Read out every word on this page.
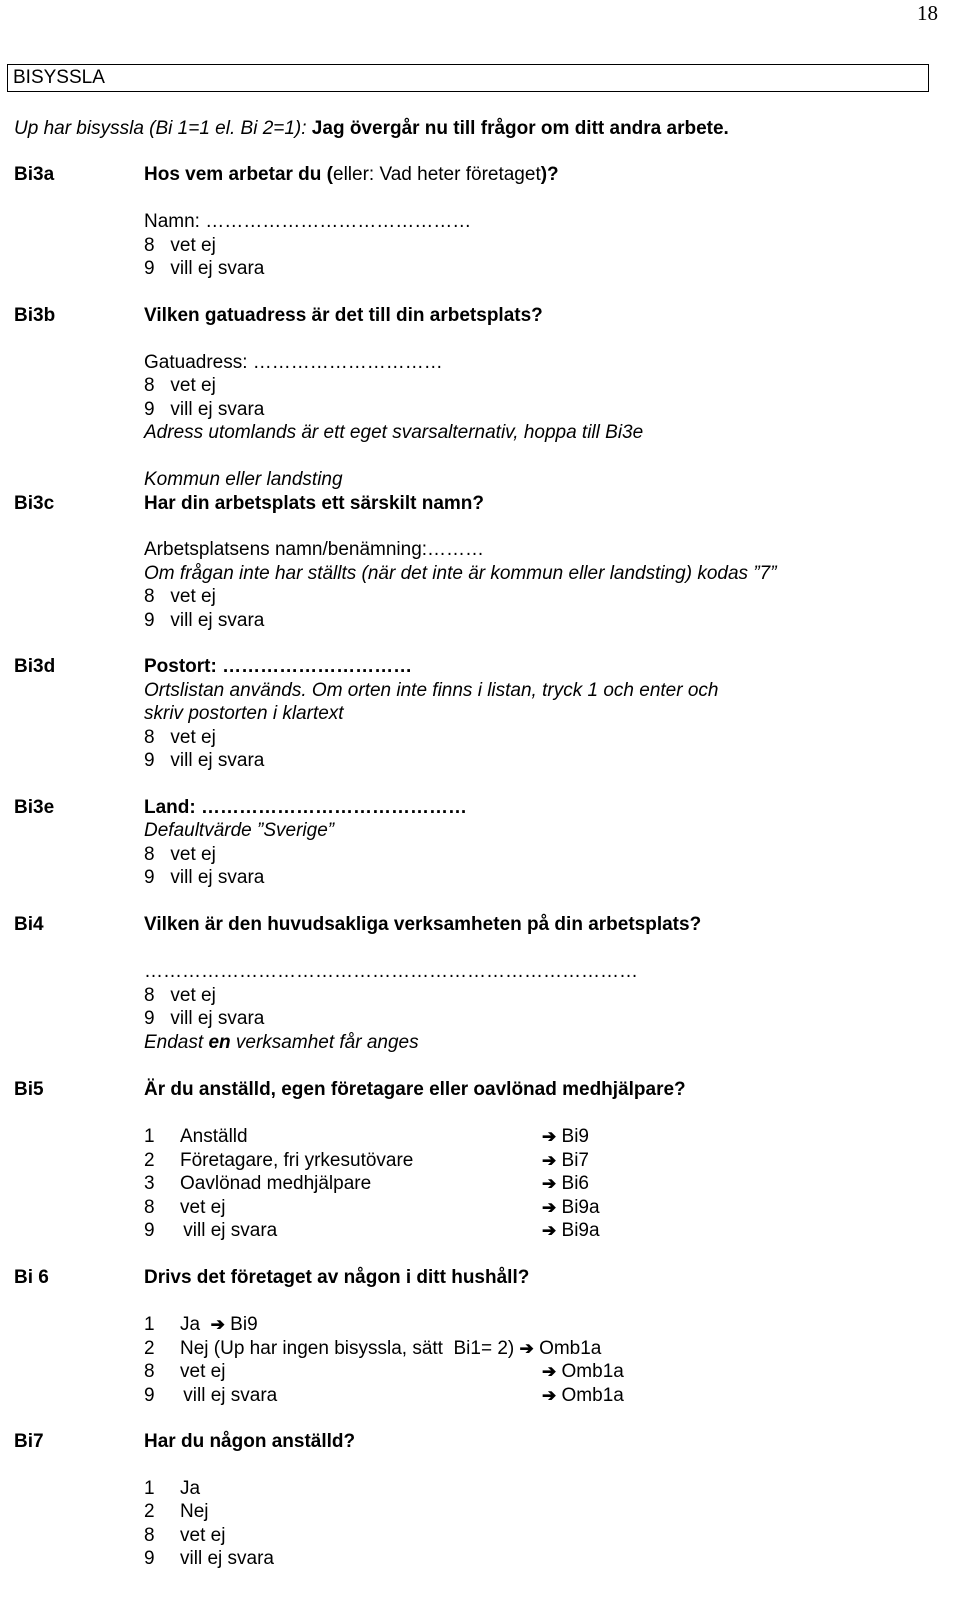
18
BISYSSLA
Up har bisyssla (Bi 1=1 el. Bi 2=1): Jag övergår nu till frågor om ditt andra arbete.
Bi3a	Hos vem arbetar du (eller: Vad heter företaget)?
Namn: ……………………………………
8   vet ej
9   vill ej svara
Bi3b	Vilken gatuadress är det till din arbetsplats?
Gatuadress: …………………………
8   vet ej
9   vill ej svara
Adress utomlands är ett eget svarsalternativ, hoppa till Bi3e
Kommun eller landsting
Bi3c	Har din arbetsplats ett särskilt namn?
Arbetsplatsens namn/benämning:………
Om frågan inte har ställts (när det inte är kommun eller landsting) kodas ”7”
8   vet ej
9   vill ej svara
Bi3d	Postort: …………………………
Ortslistan används. Om orten inte finns i listan, tryck 1 och enter och
skriv postorten i klartext
8   vet ej
9   vill ej svara
Bi3e	Land: ……………………………………
Defaultvärde ”Sverige”
8   vet ej
9   vill ej svara
Bi4	Vilken är den huvudsakliga verksamheten på din arbetsplats?
……………………………………………………………………
8   vet ej
9   vill ej svara
Endast en verksamhet får anges
Bi5	Är du anställd, egen företagare eller oavlönad medhjälpare?
1 Anställd	➔ Bi9
2 Företagare, fri yrkesutövare	➔ Bi7
3 Oavlönad medhjälpare	➔ Bi6
8 vet ej	➔ Bi9a
9 vill ej svara	➔ Bi9a
Bi 6	Drivs det företaget av någon i ditt hushåll?
1 Ja ➔ Bi9
2 Nej (Up har ingen bisyssla, sätt  Bi1= 2) ➔ Omb1a
8 vet ej	➔ Omb1a
9 vill ej svara	➔ Omb1a
Bi7	Har du någon anställd?
1 Ja
2 Nej
8 vet ej
9 vill ej svara
